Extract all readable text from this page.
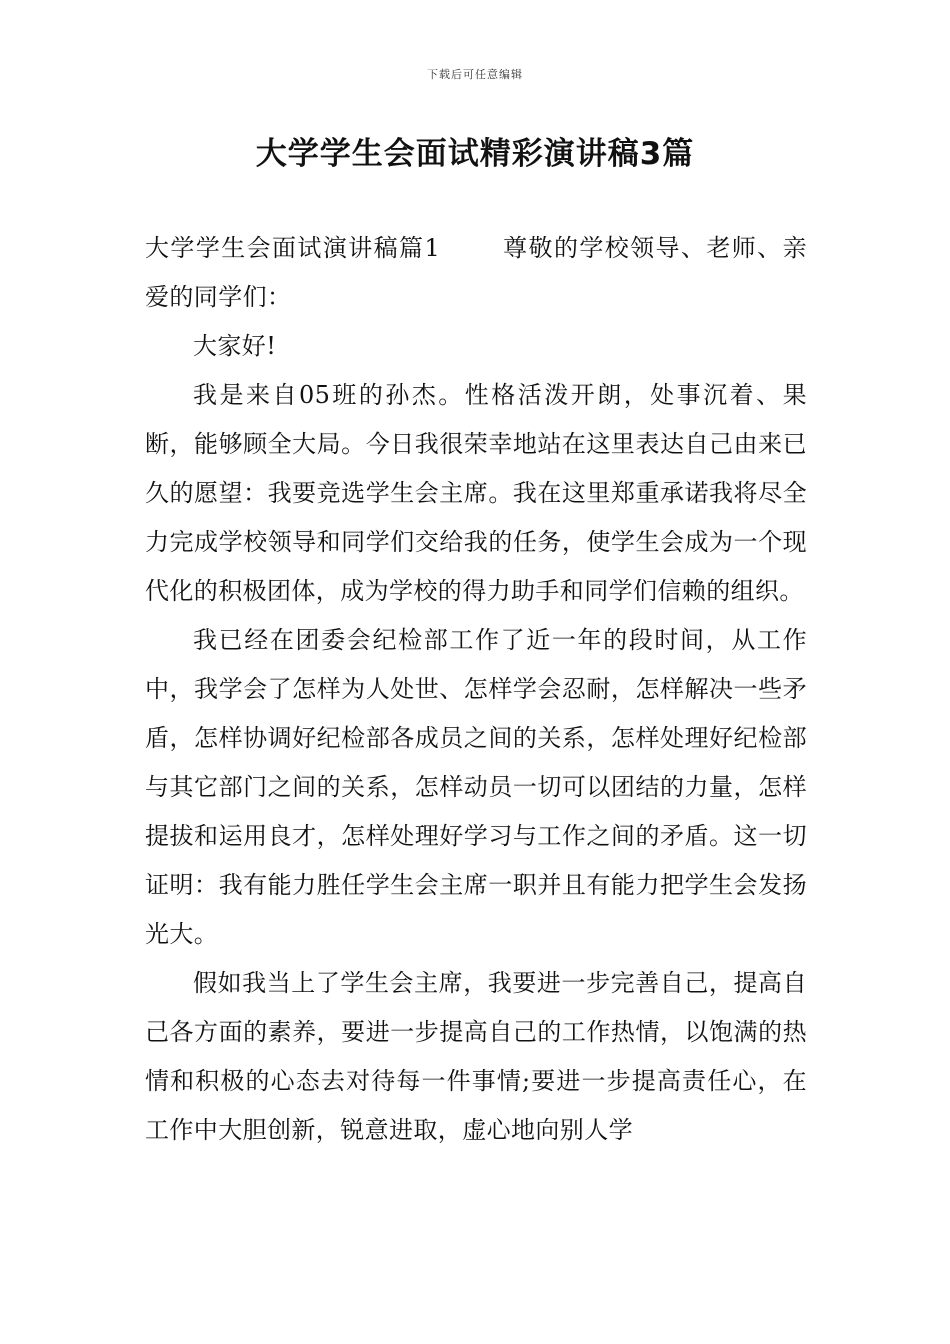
下载后可任意编辑
大学学生会面试精彩演讲稿3篇

大学学生会面试演讲稿篇1	尊敬的学校领导、老师、亲爱的同学们：

大家好!

我是来自05班的孙杰。性格活泼开朗，处事沉着、果断，能够顾全大局。今日我很荣幸地站在这里表达自己由来已久的愿望：我要竞选学生会主席。我在这里郑重承诺我将尽全力完成学校领导和同学们交给我的任务，使学生会成为一个现代化的积极团体，成为学校的得力助手和同学们信赖的组织。

我已经在团委会纪检部工作了近一年的段时间，从工作中，我学会了怎样为人处世、怎样学会忍耐，怎样解决一些矛盾，怎样协调好纪检部各成员之间的关系，怎样处理好纪检部与其它部门之间的关系，怎样动员一切可以团结的力量，怎样提拔和运用良才，怎样处理好学习与工作之间的矛盾。这一切证明：我有能力胜任学生会主席一职并且有能力把学生会发扬光大。

假如我当上了学生会主席，我要进一步完善自己，提高自己各方面的素养，要进一步提高自己的工作热情，以饱满的热情和积极的心态去对待每一件事情;要进一步提高责任心，在工作中大胆创新，锐意进取，虚心地向别人学
